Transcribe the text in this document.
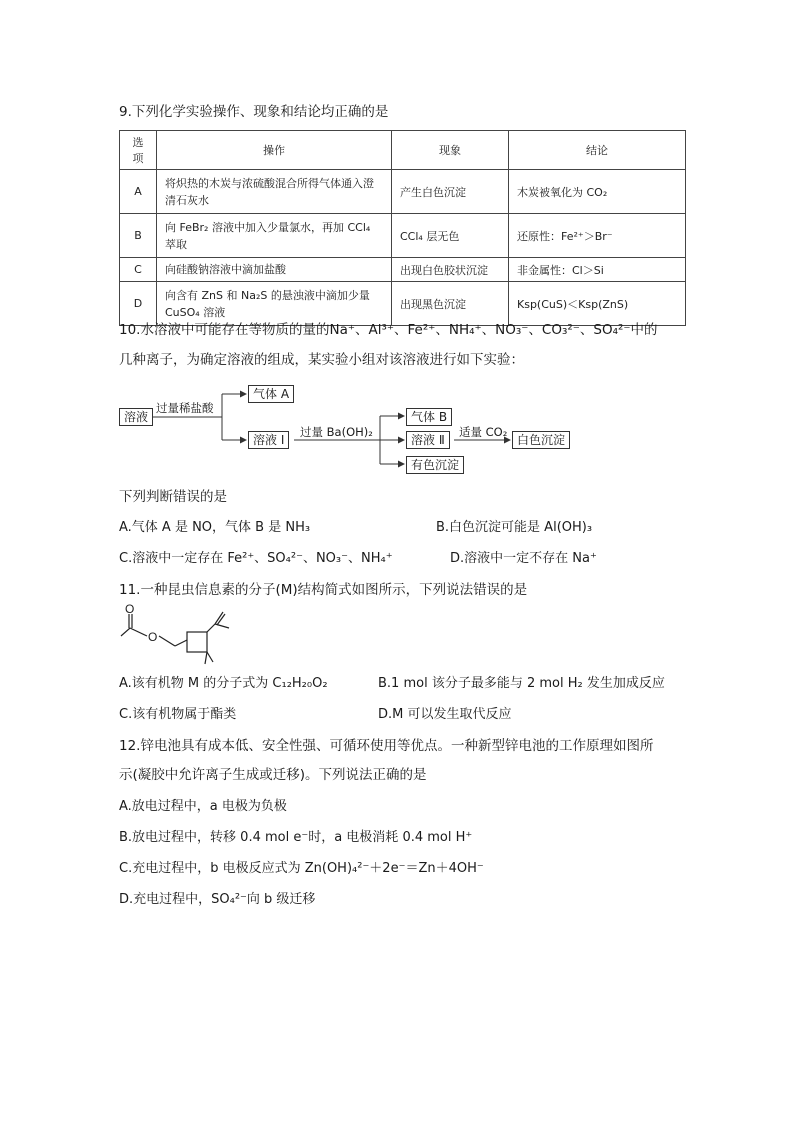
9.下列化学实验操作、现象和结论均正确的是
选项	操作	现象	结论
A	将炽热的木炭与浓硫酸混合所得气体通入澄清石灰水	产生白色沉淀	木炭被氧化为 CO₂
B	向 FeBr₂ 溶液中加入少量氯水，再加 CCl₄ 萃取	CCl₄ 层无色	还原性：Fe²⁺＞Br⁻
C	向硅酸钠溶液中滴加盐酸	出现白色胶状沉淀	非金属性：Cl＞Si
D	向含有 ZnS 和 Na₂S 的悬浊液中滴加少量 CuSO₄ 溶液	出现黑色沉淀	Ksp(CuS)＜Ksp(ZnS)
10.水溶液中可能存在等物质的量的Na⁺、Al³⁺、Fe²⁺、NH₄⁺、NO₃⁻、CO₃²⁻、SO₄²⁻中的
几种离子，为确定溶液的组成，某实验小组对该溶液进行如下实验：
溶液
过量稀盐酸
气体 A
溶液 Ⅰ
过量 Ba(OH)₂
气体 B
溶液 Ⅱ
适量 CO₂
白色沉淀
有色沉淀
下列判断错误的是
A.气体 A 是 NO，气体 B 是 NH₃	B.白色沉淀可能是 Al(OH)₃
C.溶液中一定存在 Fe²⁺、SO₄²⁻、NO₃⁻、NH₄⁺	D.溶液中一定不存在 Na⁺
11.一种昆虫信息素的分子(M)结构简式如图所示，下列说法错误的是
O
O
A.该有机物 M 的分子式为 C₁₂H₂₀O₂	B.1 mol 该分子最多能与 2 mol H₂ 发生加成反应
C.该有机物属于酯类	D.M 可以发生取代反应
12.锌电池具有成本低、安全性强、可循环使用等优点。一种新型锌电池的工作原理如图所
示(凝胶中允许离子生成或迁移)。下列说法正确的是
A.放电过程中，a 电极为负极
B.放电过程中，转移 0.4 mol e⁻时，a 电极消耗 0.4 mol H⁺
C.充电过程中，b 电极反应式为 Zn(OH)₄²⁻＋2e⁻＝Zn＋4OH⁻
D.充电过程中，SO₄²⁻向 b 级迁移
